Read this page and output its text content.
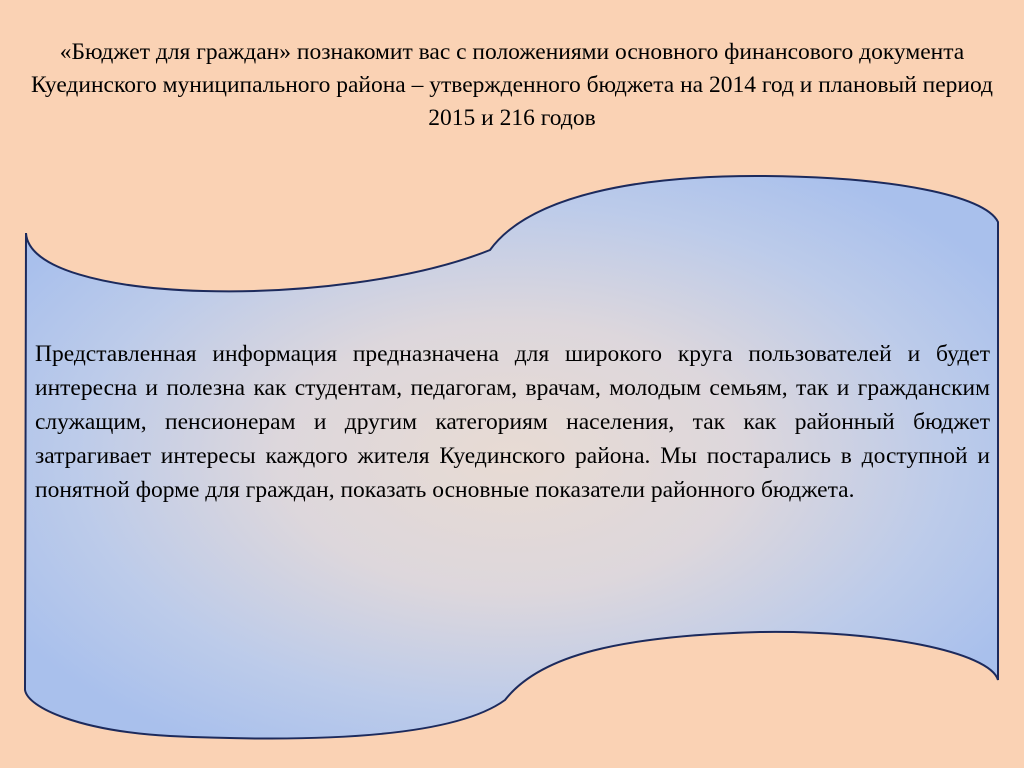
«Бюджет для граждан» познакомит вас с положениями основного финансового документа Куединского муниципального района – утвержденного бюджета на 2014 год и плановый период 2015 и 216 годов

Представленная информация предназначена для широкого круга пользователей и будет интересна и полезна как студентам, педагогам, врачам, молодым семьям, так и гражданским служащим, пенсионерам и другим категориям населения, так как районный бюджет затрагивает интересы каждого жителя Куединского района. Мы постарались в доступной и понятной форме для граждан, показать основные показатели районного бюджета.
